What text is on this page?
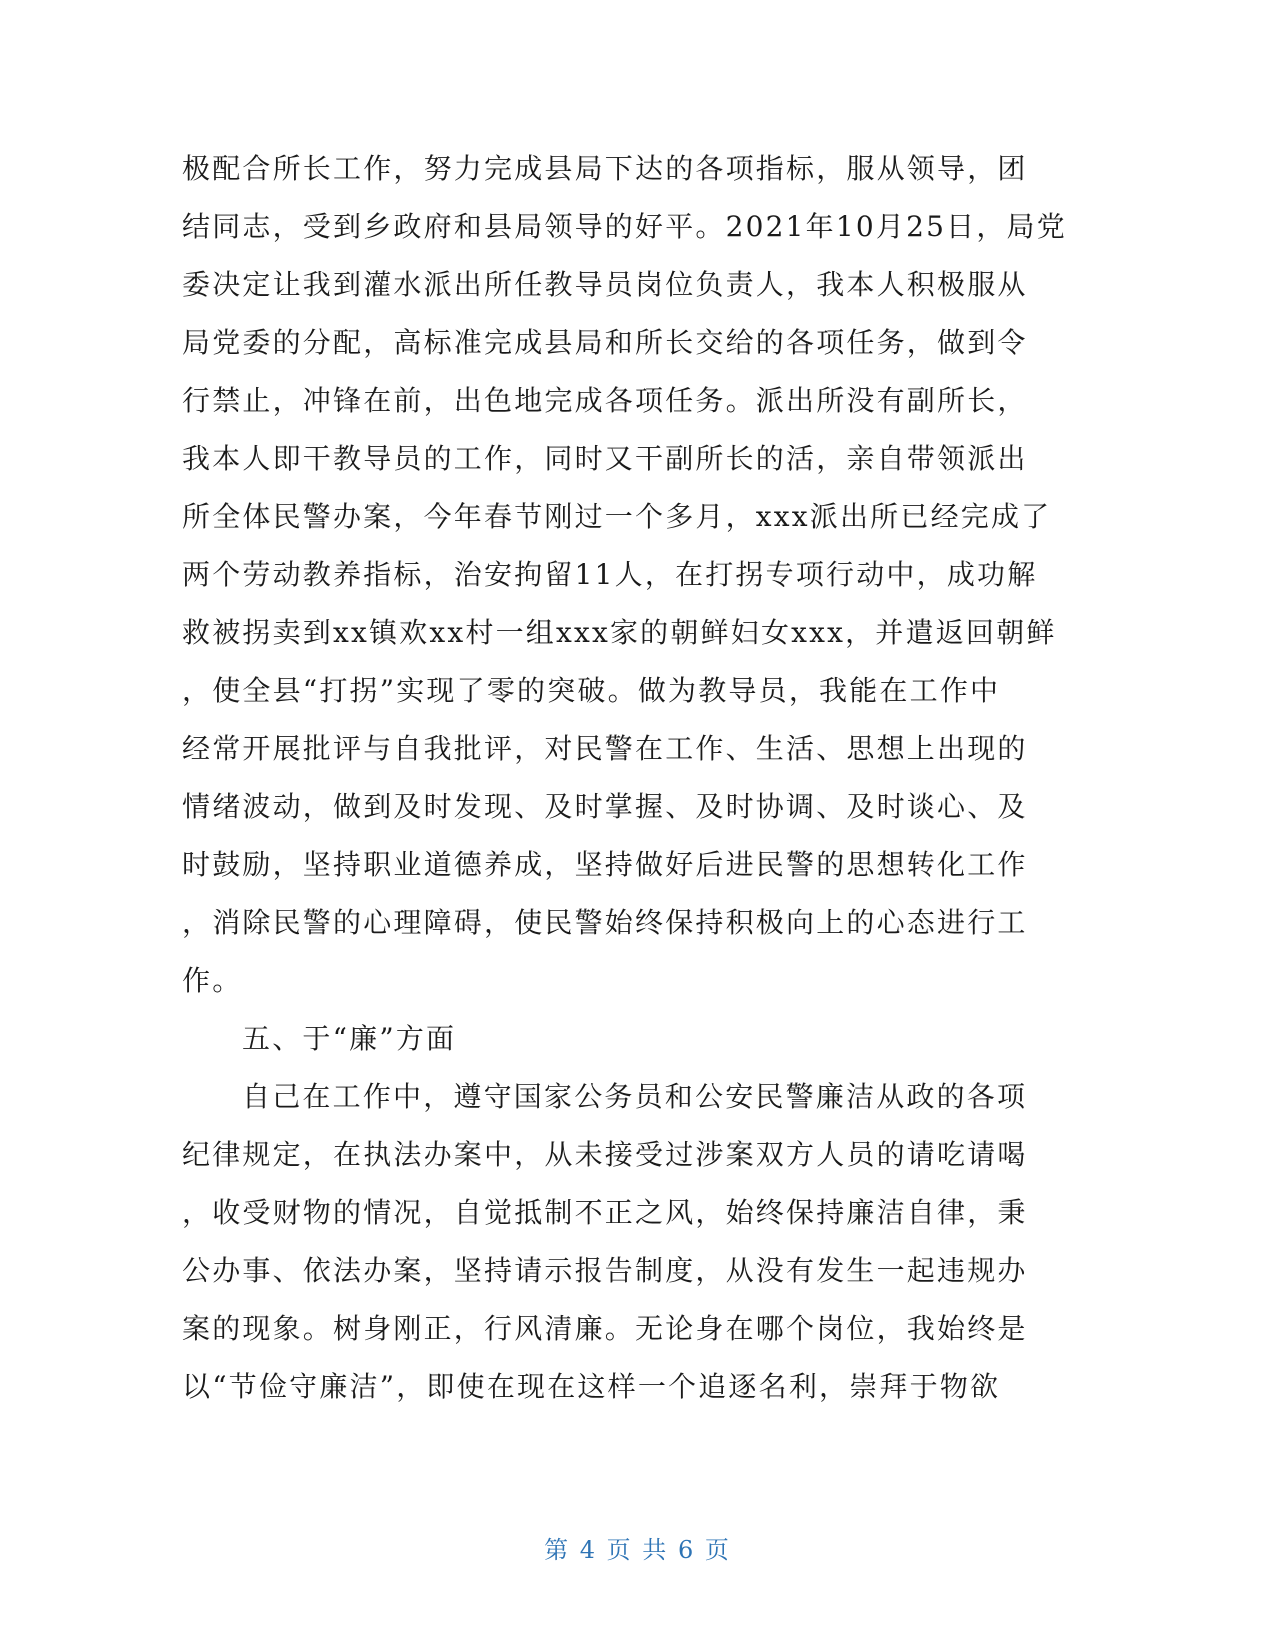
极配合所长工作，努力完成县局下达的各项指标，服从领导，团
结同志，受到乡政府和县局领导的好平。2021年10月25日，局党
委决定让我到灌水派出所任教导员岗位负责人，我本人积极服从
局党委的分配，高标准完成县局和所长交给的各项任务，做到令
行禁止，冲锋在前，出色地完成各项任务。派出所没有副所长，
我本人即干教导员的工作，同时又干副所长的活，亲自带领派出
所全体民警办案，今年春节刚过一个多月，xxx派出所已经完成了
两个劳动教养指标，治安拘留11人，在打拐专项行动中，成功解
救被拐卖到xx镇欢xx村一组xxx家的朝鲜妇女xxx，并遣返回朝鲜
，使全县“打拐”实现了零的突破。做为教导员，我能在工作中
经常开展批评与自我批评，对民警在工作、生活、思想上出现的
情绪波动，做到及时发现、及时掌握、及时协调、及时谈心、及
时鼓励，坚持职业道德养成，坚持做好后进民警的思想转化工作
，消除民警的心理障碍，使民警始终保持积极向上的心态进行工
作。
五、于“廉”方面
自己在工作中，遵守国家公务员和公安民警廉洁从政的各项
纪律规定，在执法办案中，从未接受过涉案双方人员的请吃请喝
，收受财物的情况，自觉抵制不正之风，始终保持廉洁自律，秉
公办事、依法办案，坚持请示报告制度，从没有发生一起违规办
案的现象。树身刚正，行风清廉。无论身在哪个岗位，我始终是
以“节俭守廉洁”，即使在现在这样一个追逐名利，崇拜于物欲
第 4 页 共 6 页
